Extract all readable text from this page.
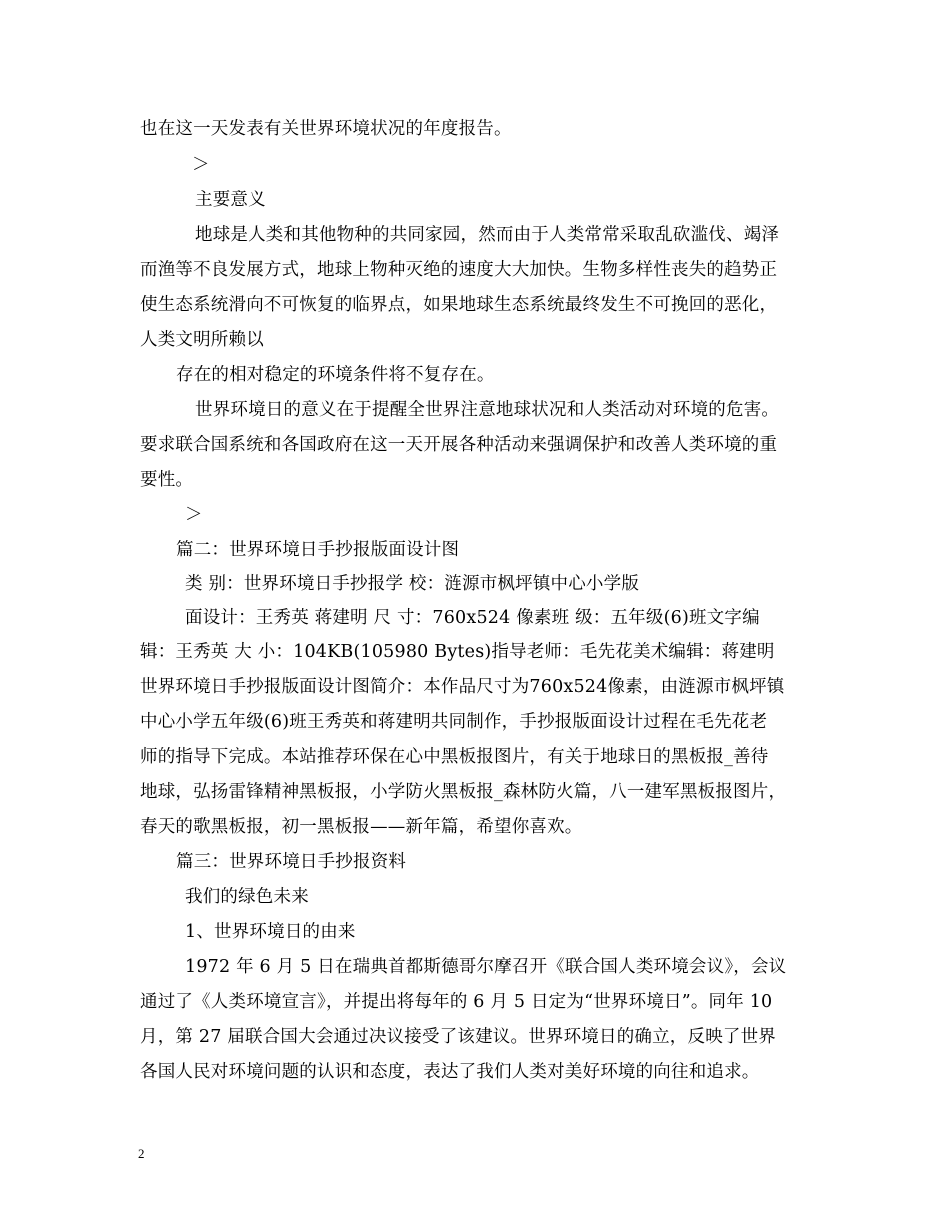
也在这一天发表有关世界环境状况的年度报告。
＞
主要意义
地球是人类和其他物种的共同家园，然而由于人类常常采取乱砍滥伐、竭泽
而渔等不良发展方式，地球上物种灭绝的速度大大加快。生物多样性丧失的趋势正
使生态系统滑向不可恢复的临界点，如果地球生态系统最终发生不可挽回的恶化，
人类文明所赖以
存在的相对稳定的环境条件将不复存在。
世界环境日的意义在于提醒全世界注意地球状况和人类活动对环境的危害。
要求联合国系统和各国政府在这一天开展各种活动来强调保护和改善人类环境的重
要性。
＞
篇二：世界环境日手抄报版面设计图
类 别：世界环境日手抄报学 校：涟源市枫坪镇中心小学版
面设计：王秀英 蒋建明 尺 寸：760x524 像素班 级：五年级(6)班文字编
辑：王秀英 大 小：104KB(105980 Bytes)指导老师：毛先花美术编辑：蒋建明
世界环境日手抄报版面设计图简介：本作品尺寸为760x524像素，由涟源市枫坪镇
中心小学五年级(6)班王秀英和蒋建明共同制作，手抄报版面设计过程在毛先花老
师的指导下完成。本站推荐环保在心中黑板报图片，有关于地球日的黑板报_善待
地球，弘扬雷锋精神黑板报，小学防火黑板报_森林防火篇，八一建军黑板报图片，
春天的歌黑板报，初一黑板报——新年篇，希望你喜欢。
篇三：世界环境日手抄报资料
我们的绿色未来
1、世界环境日的由来
1972 年 6 月 5 日在瑞典首都斯德哥尔摩召开《联合国人类环境会议》，会议
通过了《人类环境宣言》，并提出将每年的 6 月 5 日定为“世界环境日”。同年 10
月，第 27 届联合国大会通过决议接受了该建议。世界环境日的确立，反映了世界
各国人民对环境问题的认识和态度，表达了我们人类对美好环境的向往和追求。
2
